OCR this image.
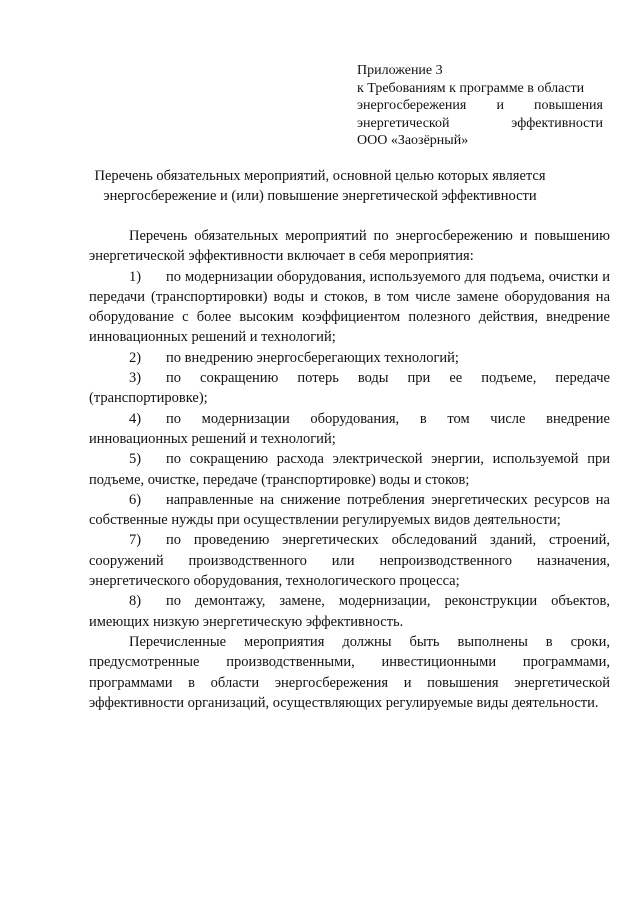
Приложение 3
к Требованиям к программе в области
энергосбережения и повышения
энергетической эффективности
ООО «Заозёрный»
Перечень обязательных мероприятий, основной целью которых является энергосбережение и (или) повышение энергетической эффективности

Перечень обязательных мероприятий по энергосбережению и повышению энергетической эффективности включает в себя мероприятия:

1) по модернизации оборудования, используемого для подъема, очистки и передачи (транспортировки) воды и стоков, в том числе замене оборудования на оборудование с более высоким коэффициентом полезного действия, внедрение инновационных решений и технологий;

2) по внедрению энергосберегающих технологий;

3) по сокращению потерь воды при ее подъеме, передаче (транспортировке);

4) по модернизации оборудования, в том числе внедрение инновационных решений и технологий;

5) по сокращению расхода электрической энергии, используемой при подъеме, очистке, передаче (транспортировке) воды и стоков;

6) направленные на снижение потребления энергетических ресурсов на собственные нужды при осуществлении регулируемых видов деятельности;

7) по проведению энергетических обследований зданий, строений, сооружений производственного или непроизводственного назначения, энергетического оборудования, технологического процесса;

8) по демонтажу, замене, модернизации, реконструкции объектов, имеющих низкую энергетическую эффективность.

Перечисленные мероприятия должны быть выполнены в сроки, предусмотренные производственными, инвестиционными программами, программами в области энергосбережения и повышения энергетической эффективности организаций, осуществляющих регулируемые виды деятельности.
